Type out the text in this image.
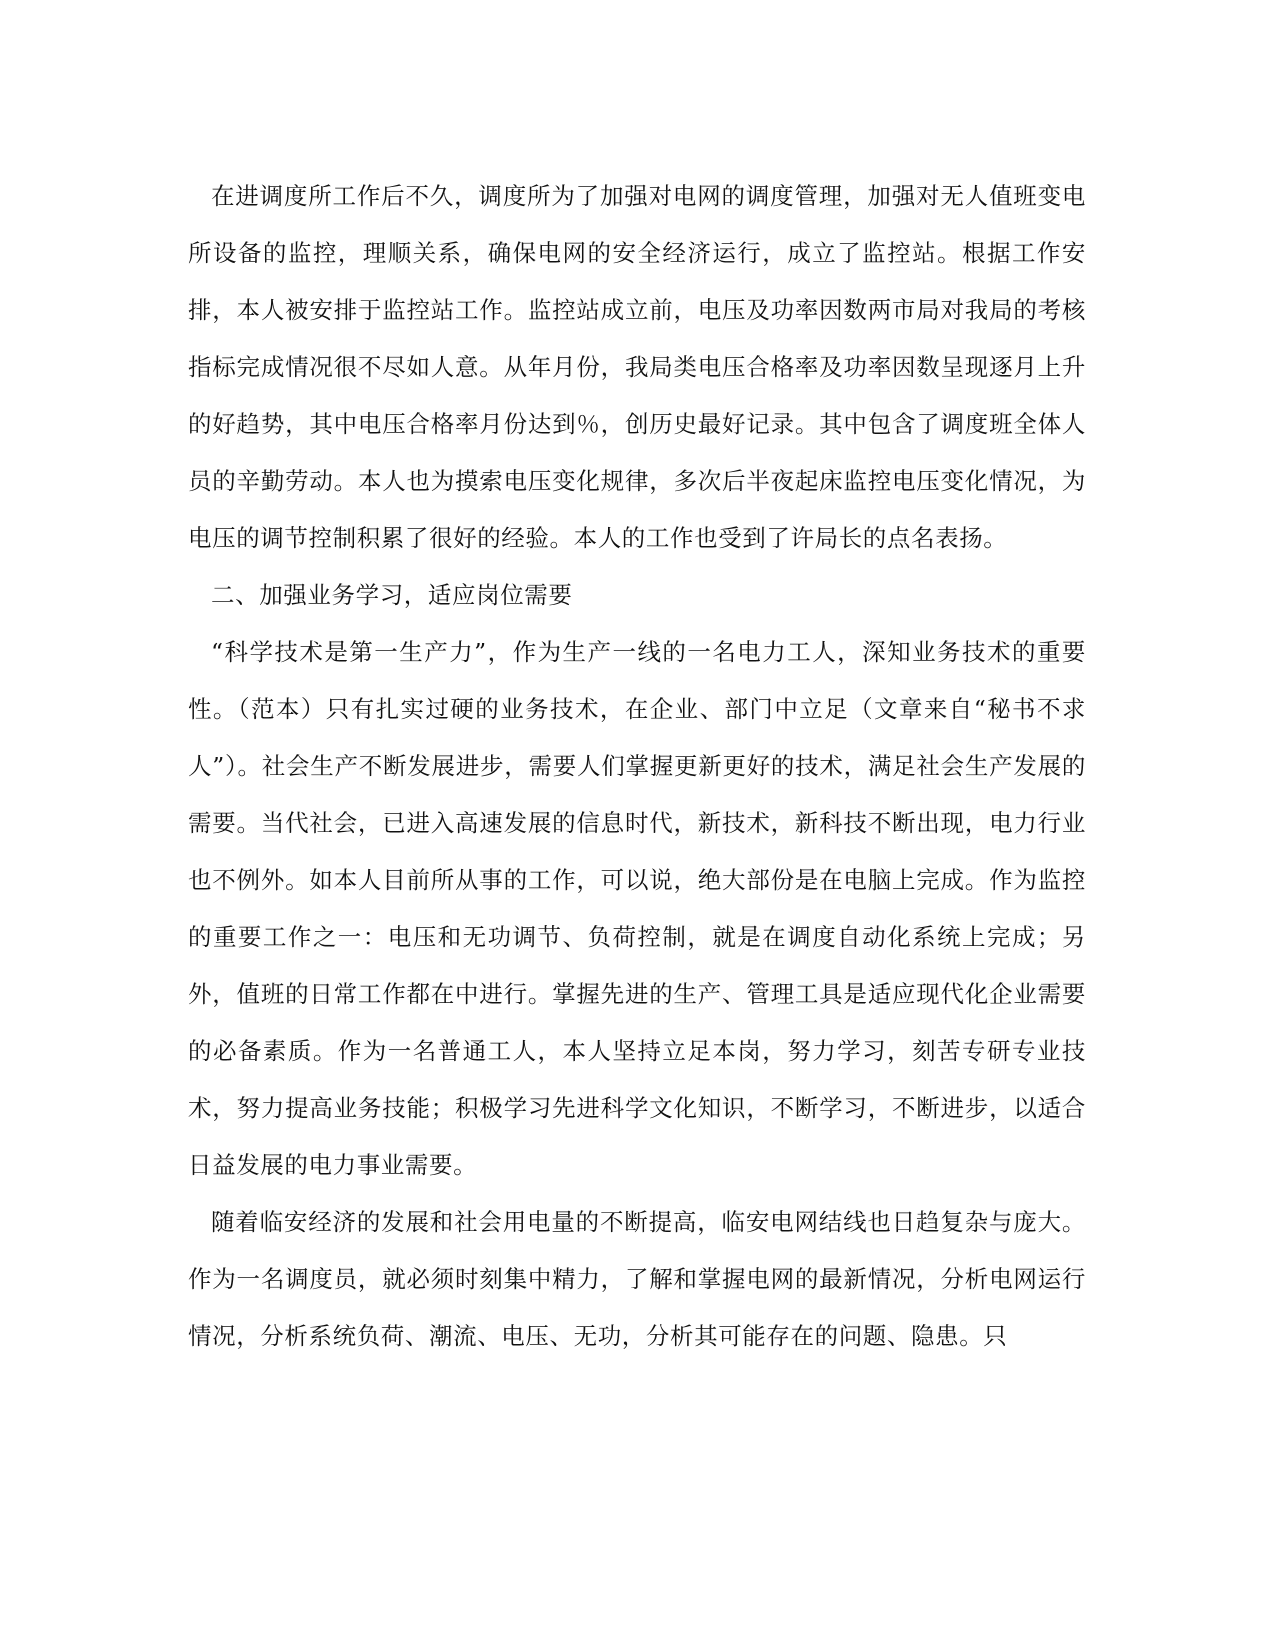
在进调度所工作后不久，调度所为了加强对电网的调度管理，加强对无人值班变电所设备的监控，理顺关系，确保电网的安全经济运行，成立了监控站。根据工作安排，本人被安排于监控站工作。监控站成立前，电压及功率因数两市局对我局的考核指标完成情况很不尽如人意。从年月份，我局类电压合格率及功率因数呈现逐月上升的好趋势，其中电压合格率月份达到％，创历史最好记录。其中包含了调度班全体人员的辛勤劳动。本人也为摸索电压变化规律，多次后半夜起床监控电压变化情况，为电压的调节控制积累了很好的经验。本人的工作也受到了许局长的点名表扬。

二、加强业务学习，适应岗位需要

“科学技术是第一生产力”，作为生产一线的一名电力工人，深知业务技术的重要性。（范本）只有扎实过硬的业务技术，在企业、部门中立足（文章来自“秘书不求人”）。社会生产不断发展进步，需要人们掌握更新更好的技术，满足社会生产发展的需要。当代社会，已进入高速发展的信息时代，新技术，新科技不断出现，电力行业也不例外。如本人目前所从事的工作，可以说，绝大部份是在电脑上完成。作为监控的重要工作之一：电压和无功调节、负荷控制，就是在调度自动化系统上完成；另外，值班的日常工作都在中进行。掌握先进的生产、管理工具是适应现代化企业需要的必备素质。作为一名普通工人，本人坚持立足本岗，努力学习，刻苦专研专业技术，努力提高业务技能；积极学习先进科学文化知识，不断学习，不断进步，以适合日益发展的电力事业需要。

随着临安经济的发展和社会用电量的不断提高，临安电网结线也日趋复杂与庞大。作为一名调度员，就必须时刻集中精力，了解和掌握电网的最新情况，分析电网运行情况，分析系统负荷、潮流、电压、无功，分析其可能存在的问题、隐患。只
